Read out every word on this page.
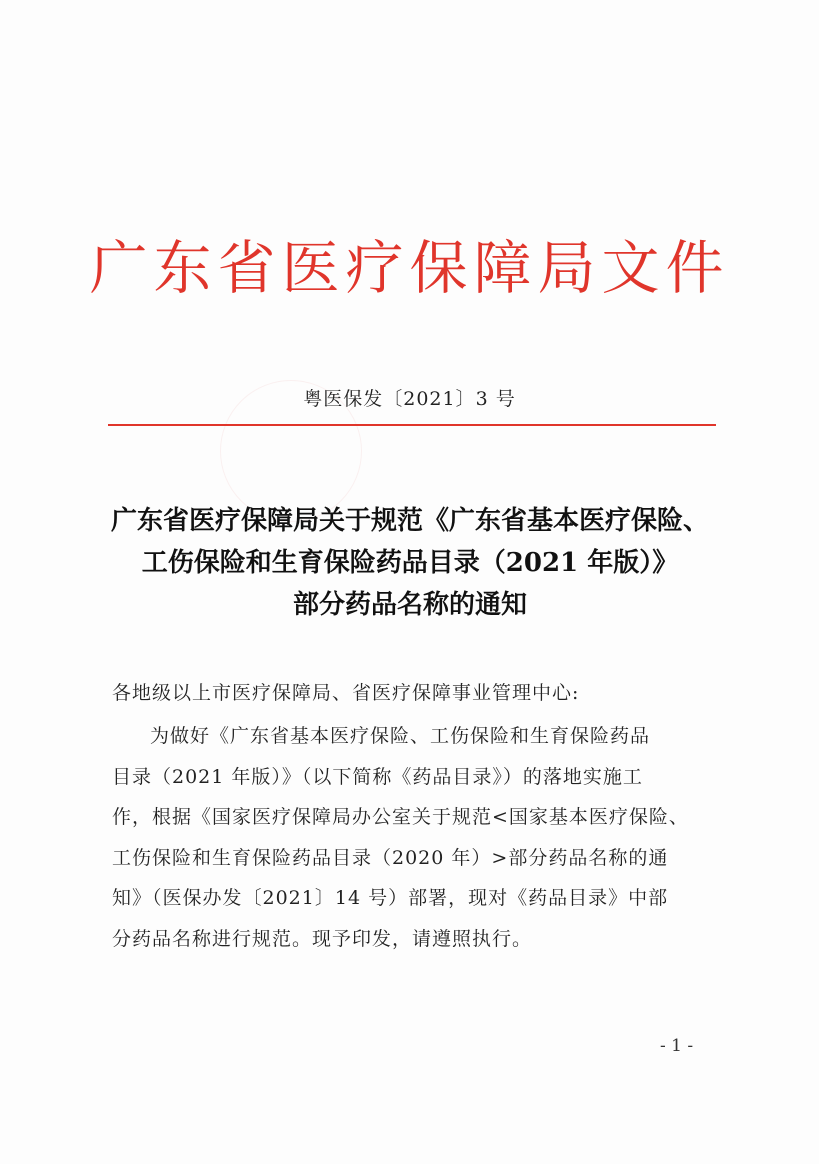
广东省医疗保障局文件
粤医保发〔2021〕3 号
广东省医疗保障局关于规范《广东省基本医疗保险、
工伤保险和生育保险药品目录（2021 年版）》
部分药品名称的通知
各地级以上市医疗保障局、省医疗保障事业管理中心:
为做好《广东省基本医疗保险、工伤保险和生育保险药品
目录（2021 年版）》（以下简称《药品目录》）的落地实施工
作，根据《国家医疗保障局办公室关于规范<国家基本医疗保险、
工伤保险和生育保险药品目录（2020 年）>部分药品名称的通
知》（医保办发〔2021〕14 号）部署，现对《药品目录》中部
分药品名称进行规范。现予印发，请遵照执行。
- 1 -
